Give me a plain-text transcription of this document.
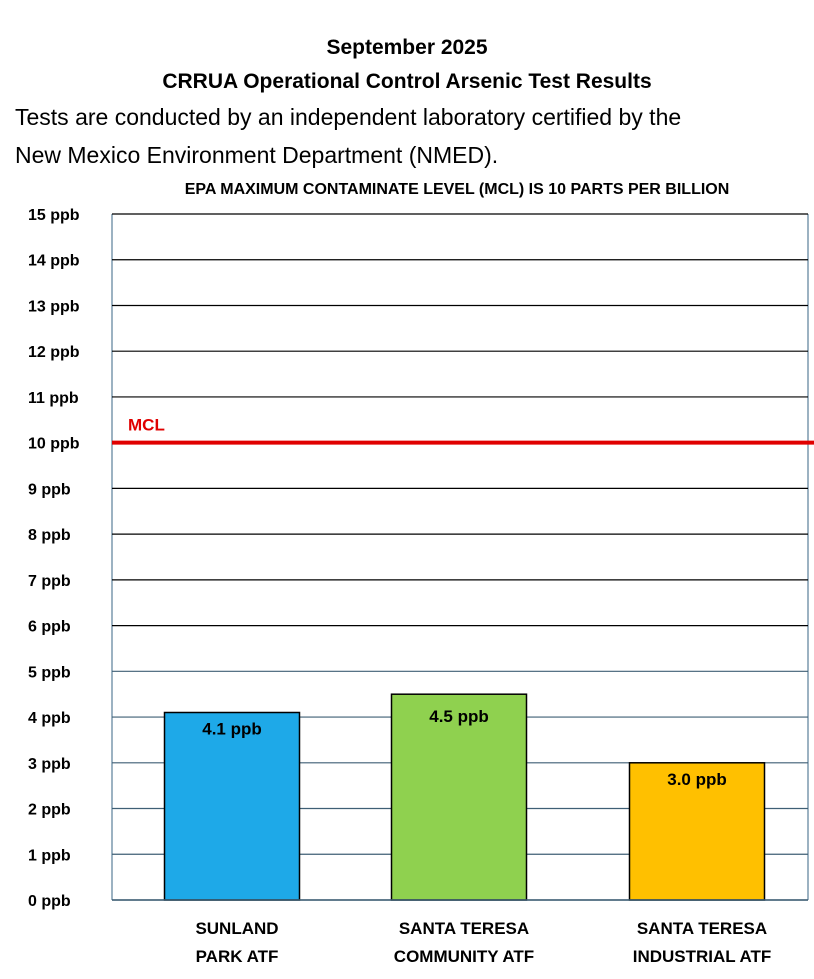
September 2025
CRRUA Operational Control Arsenic Test Results
Tests are conducted by an independent laboratory certified by the
New Mexico Environment Department (NMED).
EPA MAXIMUM CONTAMINATE LEVEL (MCL) IS 10 PARTS PER BILLION
0 ppb
1 ppb
2 ppb
3 ppb
4 ppb
5 ppb
6 ppb
7 ppb
8 ppb
9 ppb
10 ppb
11 ppb
12 ppb
13 ppb
14 ppb
15 ppb
MCL
4.1 ppb
SUNLAND
PARK ATF
4.5 ppb
SANTA TERESA
COMMUNITY ATF
3.0 ppb
SANTA TERESA
INDUSTRIAL ATF
